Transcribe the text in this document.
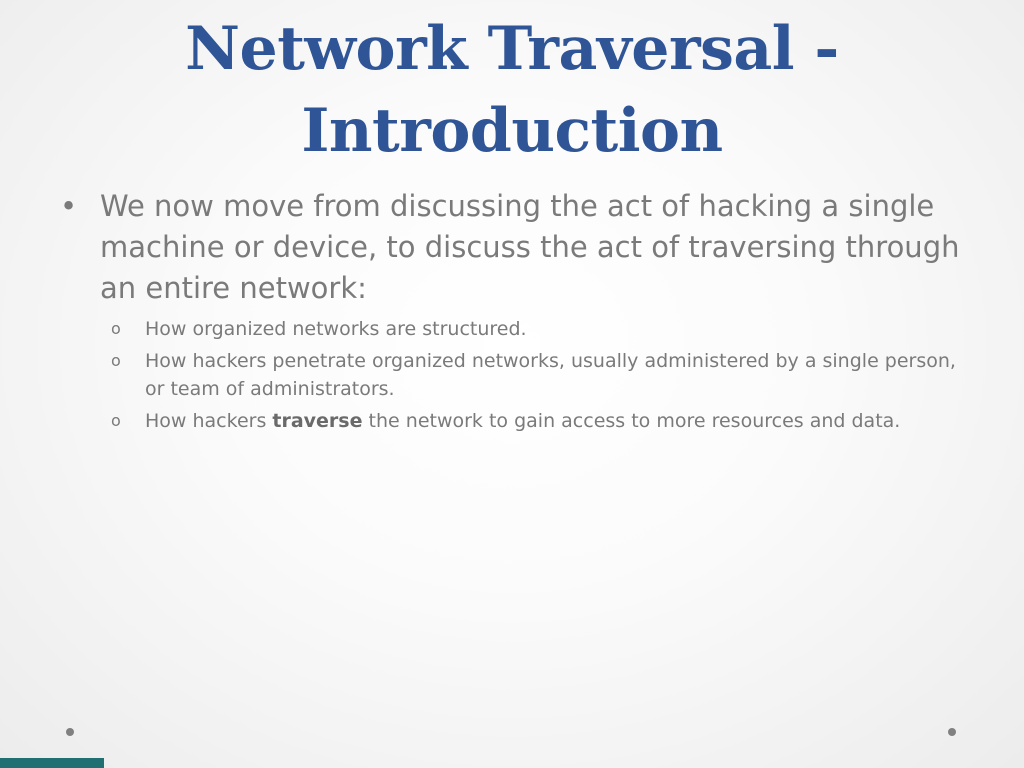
Network Traversal -
Introduction
• We now move from discussing the act of hacking a single machine or device, to discuss the act of traversing through an entire network:
o How organized networks are structured.
o How hackers penetrate organized networks, usually administered by a single person, or team of administrators.
o How hackers traverse the network to gain access to more resources and data.
